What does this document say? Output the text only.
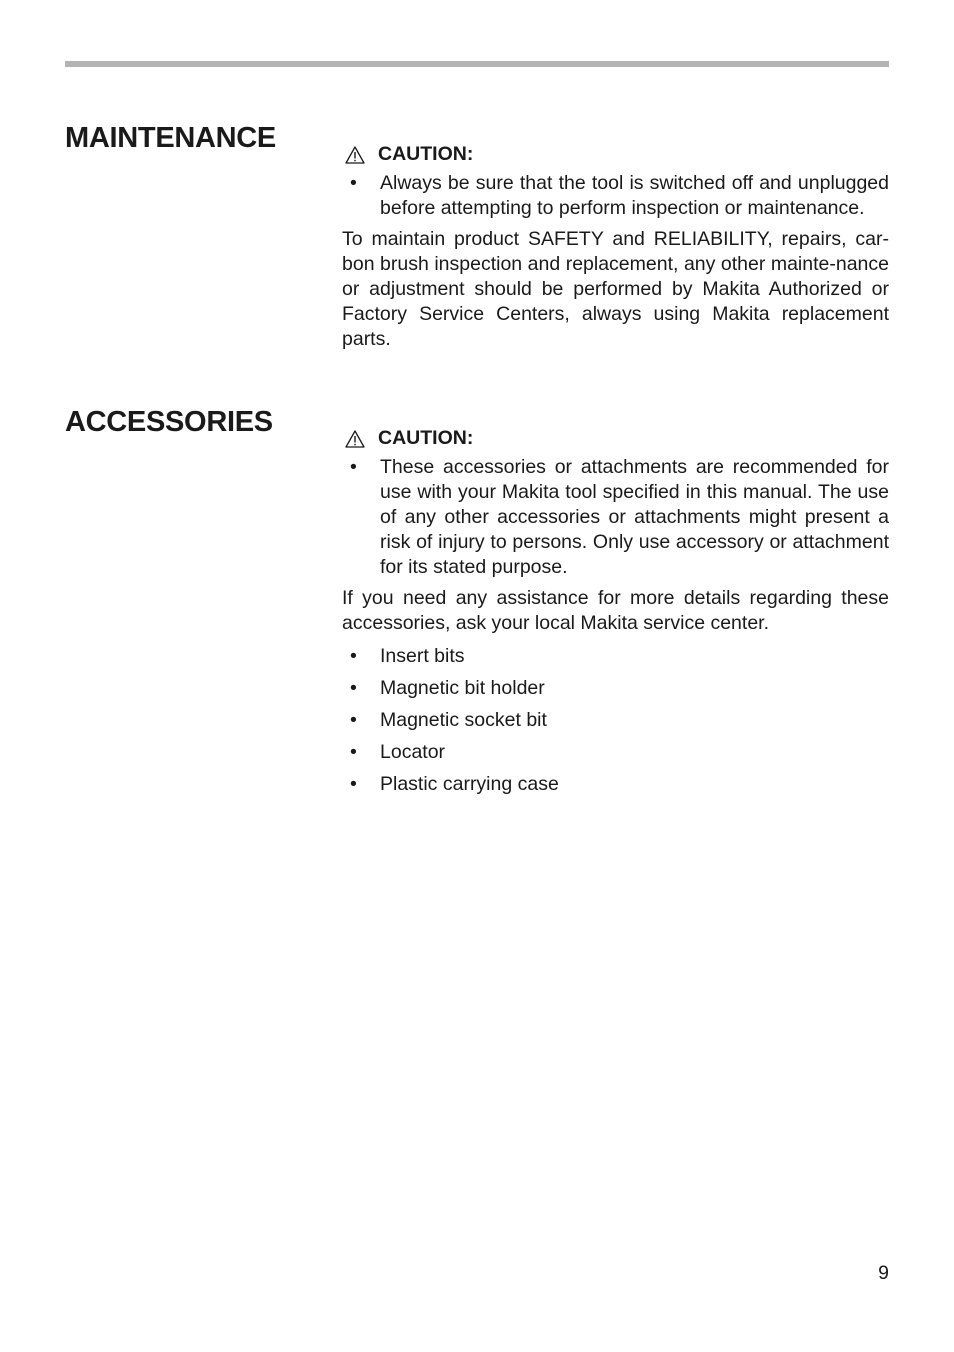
MAINTENANCE	CAUTION:
• Always be sure that the tool is switched off and unplugged before attempting to perform inspection or maintenance.

To maintain product SAFETY and RELIABILITY, repairs, car-bon brush inspection and replacement, any other mainte-nance or adjustment should be performed by Makita Authorized or Factory Service Centers, always using Makita replacement parts.

ACCESSORIES	CAUTION:
• These accessories or attachments are recommended for use with your Makita tool specified in this manual. The use of any other accessories or attachments might present a risk of injury to persons. Only use accessory or attachment for its stated purpose.

If you need any assistance for more details regarding these accessories, ask your local Makita service center.

• Insert bits
• Magnetic bit holder
• Magnetic socket bit
• Locator
• Plastic carrying case
9
